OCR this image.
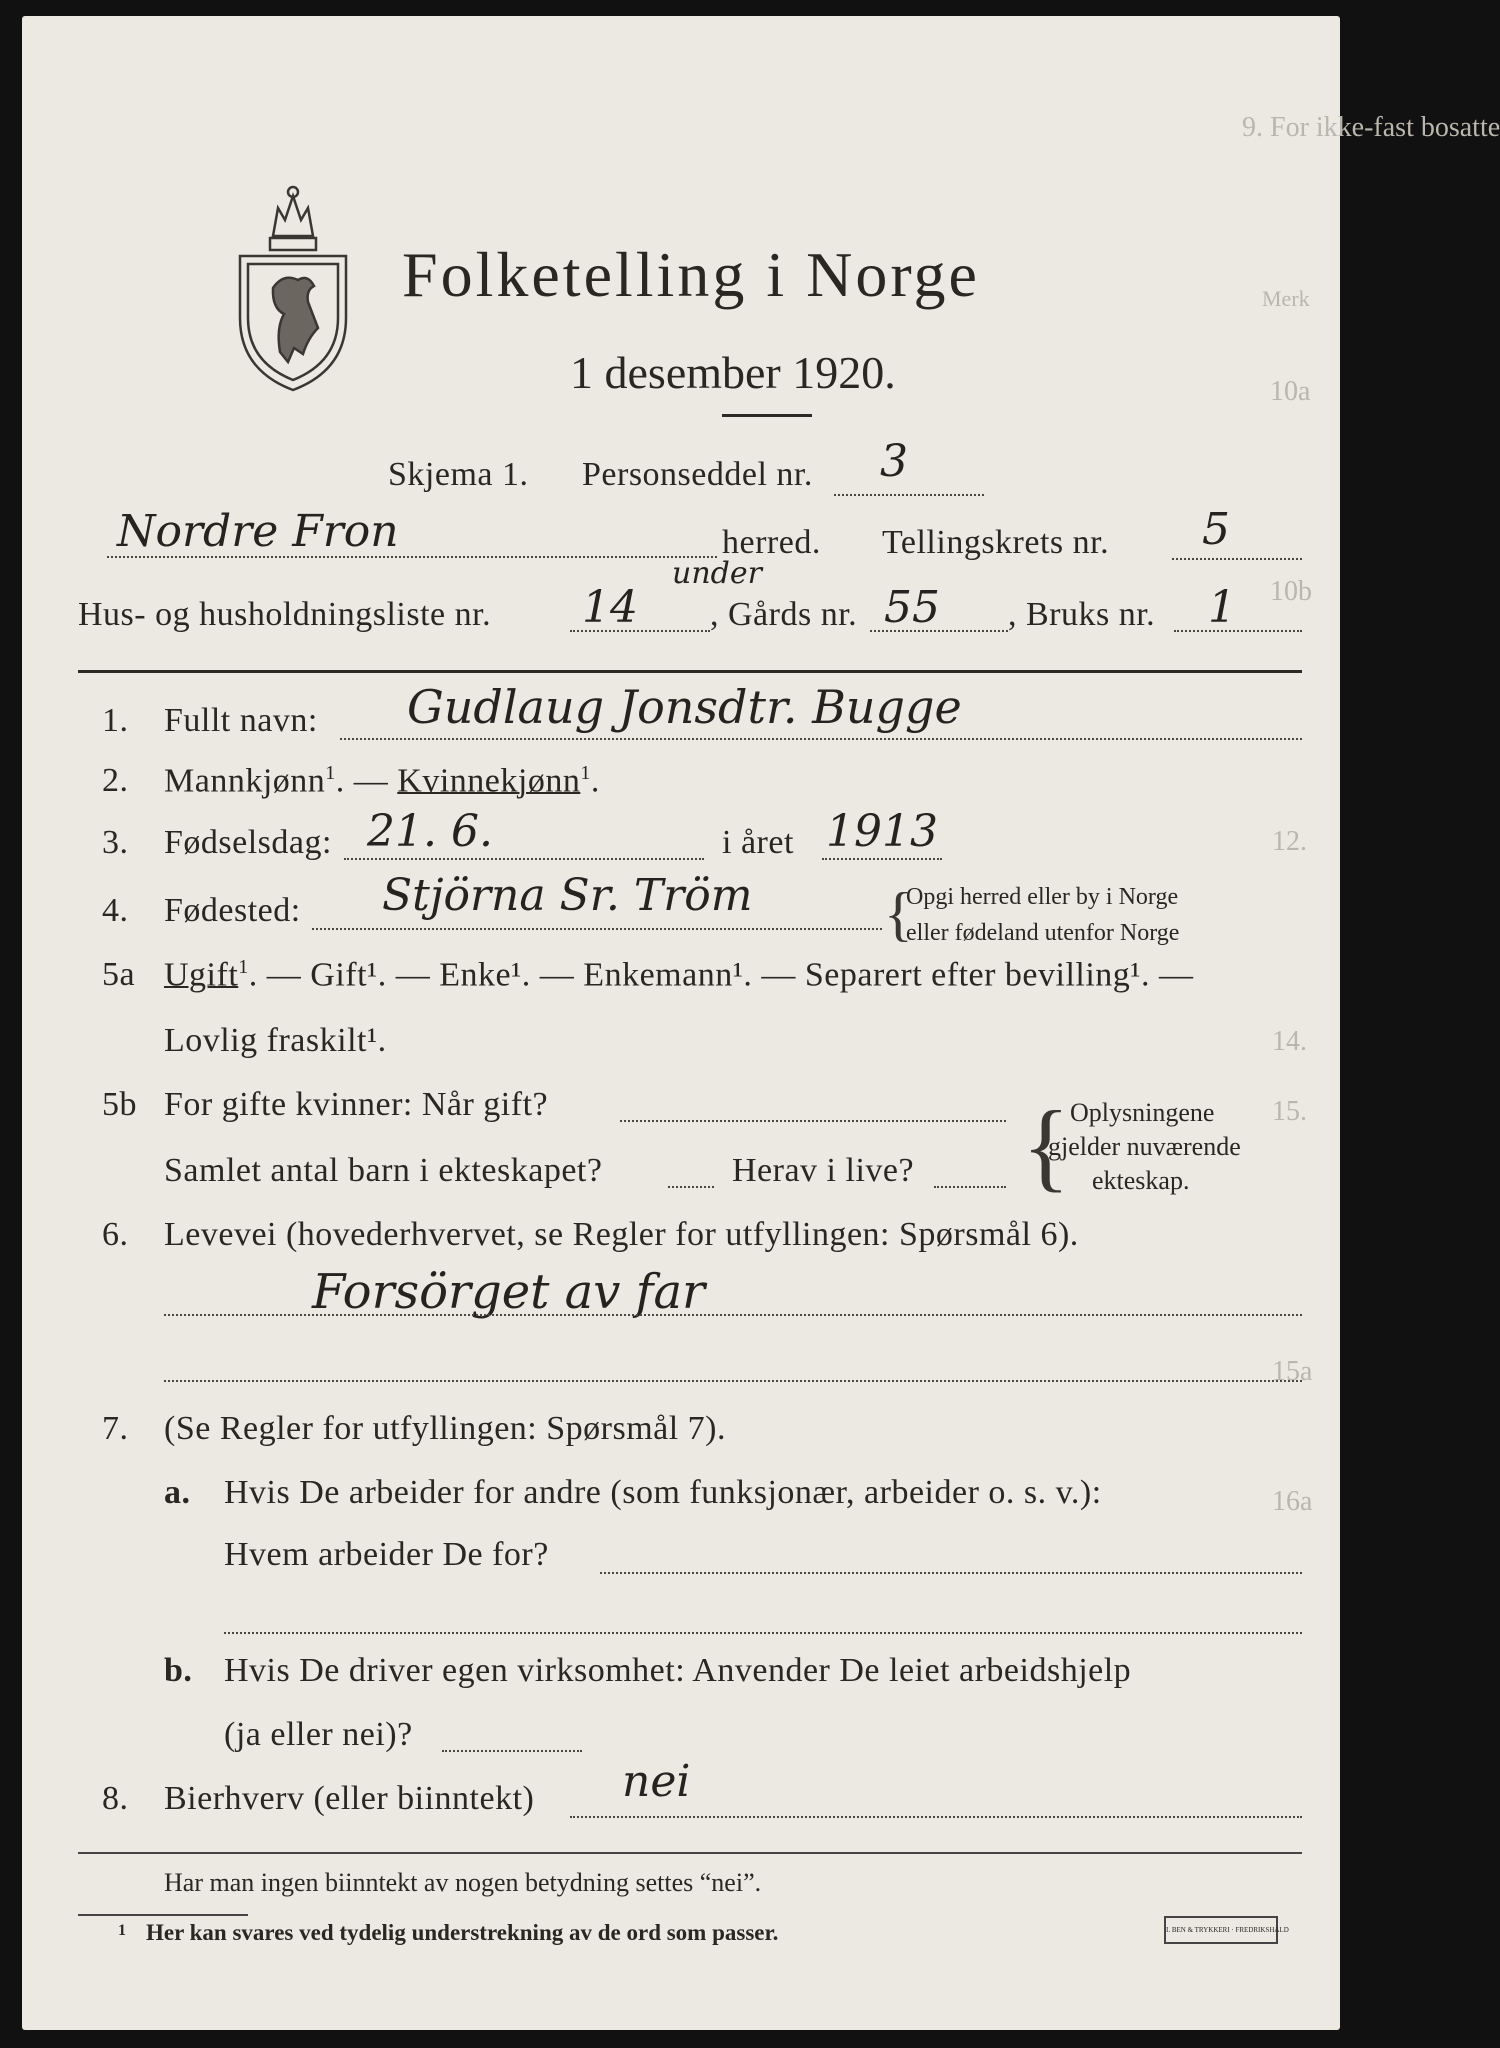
9. For ikke-fast bosatte
Merk
10a
10b
12.
14.
15.
15a
16a
Folketelling i Norge
1 desember 1920.
Skjema 1. Personseddel nr. 3
Nordre Fron	herred. Tellingskrets nr. 5
Hus- og husholdningsliste nr. 14
under
, Gårds nr. 55 , Bruks nr. 1
1. Fullt navn: Gudlaug Jonsdtr. Bugge
2. Mannkjønn$^1$. — Kvinnekjønn$^1$.
3. Fødselsdag: 21. 6.	i året 1913
4. Fødested: Stjörna Sr. Tröm {
Opgi herred eller by i Norge
eller fødeland utenfor Norge
5a Ugift$^1$. — Gift¹. — Enke¹. — Enkemann¹. — Separert efter bevilling¹. —
Lovlig fraskilt¹.
5b For gifte kvinner: Når gift?
Samlet antal barn i ekteskapet?	Herav i live? { Oplysningene
gjelder nuværende
ekteskap.
6. Levevei (hovederhvervet, se Regler for utfyllingen: Spørsmål 6).
Forsörget av far
7. (Se Regler for utfyllingen: Spørsmål 7).
a. Hvis De arbeider for andre (som funksjonær, arbeider o. s. v.):
Hvem arbeider De for?
b. Hvis De driver egen virksomhet: Anvender De leiet arbeidshjelp
(ja eller nei)?
8. Bierhverv (eller biinntekt) nei
Har man ingen biinntekt av nogen betydning settes “nei”.
1 Her kan svares ved tydelig understrekning av de ord som passer.	I. BEN & TRYKKERI · FREDRIKSHALD
